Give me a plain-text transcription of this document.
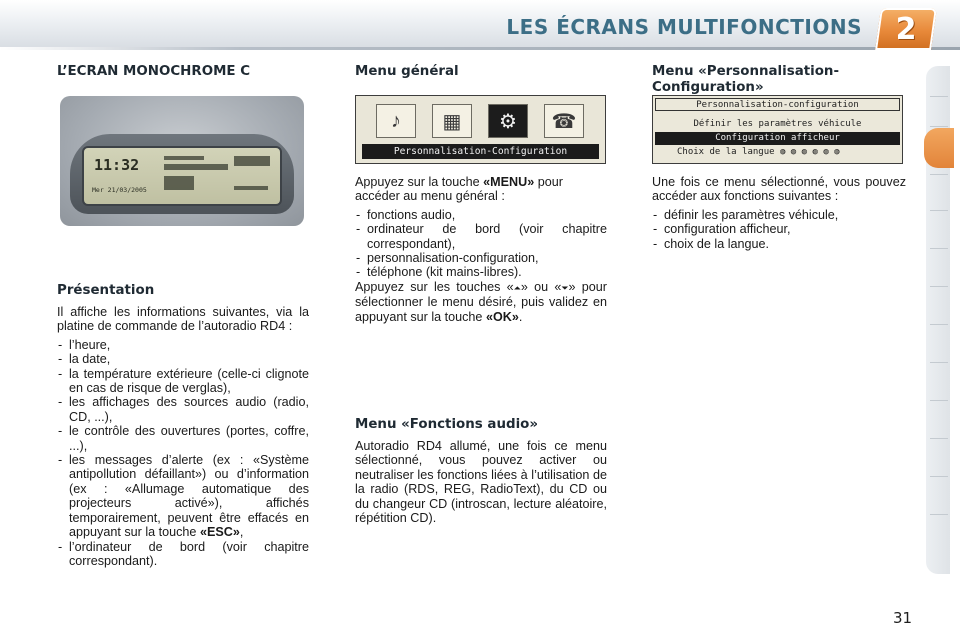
LES ÉCRANS MULTIFONCTIONS	2
L’ECRAN MONOCHROME C
11:32
Mer 21/03/2005
Présentation

Il affiche les informations suivantes, via la platine de commande de l’autoradio RD4 :

- l’heure,
- la date,
- la température extérieure (celle-ci clignote en cas de risque de verglas),
- les affichages des sources audio (radio, CD, ...),
- le contrôle des ouvertures (portes, coffre, ...),
- les messages d’alerte (ex : «Système antipollution défaillant») ou d’information (ex : «Allumage automatique des projecteurs activé»), affichés temporairement, peuvent être effacés en appuyant sur la touche «ESC»,
- l’ordinateur de bord (voir chapitre correspondant).
Menu général
♪	▦	⚙	☎
Personnalisation-Configuration

Appuyez sur la touche «MENU» pour accéder au menu général :

- fonctions audio,
- ordinateur de bord (voir chapitre correspondant),
- personnalisation-configuration,
- téléphone (kit mains-libres).

Appuyez sur les touches «⏶» ou «⏷» pour sélectionner le menu désiré, puis validez en appuyant sur la touche «OK».

Menu «Fonctions audio»

Autoradio RD4 allumé, une fois ce menu sélectionné, vous pouvez activer ou neutraliser les fonctions liées à l’utilisation de la radio (RDS, REG, RadioText), du CD ou du changeur CD (introscan, lecture aléatoire, répétition CD).

Menu «Personnalisation-Configuration»
Personnalisation-configuration
Définir les paramètres véhicule
Configuration afficheur
Choix de la langue ◍ ◍ ◍ ◍ ◍ ◍

Une fois ce menu sélectionné, vous pouvez accéder aux fonctions suivantes :

- définir les paramètres véhicule,
- configuration afficheur,
- choix de la langue.
31
